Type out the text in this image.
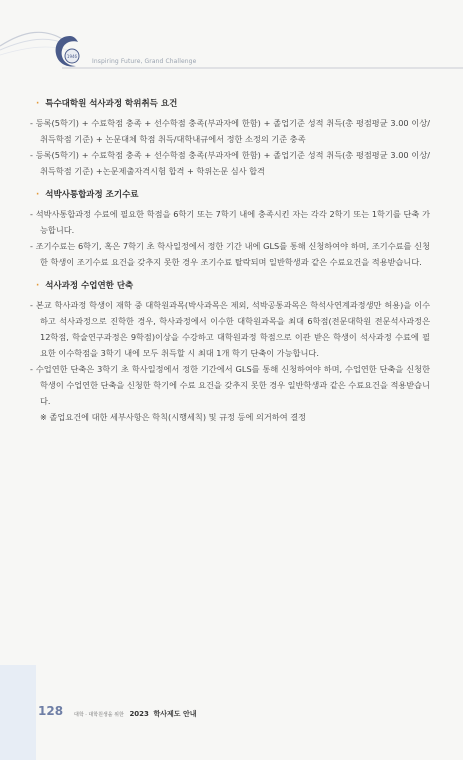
1946
Inspiring Future, Grand Challenge
· 특수대학원 석사과정 학위취득 요건

- 등록(5학기) + 수료학점 충족 + 선수학점 충족(부과자에 한함) + 졸업기준 성적 취득(총 평점평균 3.00 이상/취득학점 기준) + 논문대체 학점 취득/대학내규에서 정한 소정의 기준 충족

- 등록(5학기) + 수료학점 충족 + 선수학점 충족(부과자에 한함) + 졸업기준 성적 취득(총 평점평균 3.00 이상/취득학점 기준) +논문제출자격시험 합격 + 학위논문 심사 합격

· 석박사통합과정 조기수료

- 석박사통합과정 수료에 필요한 학점을 6학기 또는 7학기 내에 충족시킨 자는 각각 2학기 또는 1학기를 단축 가능합니다.

- 조기수료는 6학기, 혹은 7학기 초 학사일정에서 정한 기간 내에 GLS를 통해 신청하여야 하며, 조기수료를 신청한 학생이 조기수료 요건을 갖추지 못한 경우 조기수료 탈락되며 일반학생과 같은 수료요건을 적용받습니다.

· 석사과정 수업연한 단축

- 본교 학사과정 학생이 재학 중 대학원과목(박사과목은 제외, 석박공통과목은 학석사연계과정생만 허용)을 이수하고 석사과정으로 진학한 경우, 학사과정에서 이수한 대학원과목을 최대 6학점(전문대학원 전문석사과정은 12학점, 학술연구과정은 9학점)이상을 수강하고 대학원과정 학점으로 이관 받은 학생이 석사과정 수료에 필요한 이수학점을 3학기 내에 모두 취득할 시 최대 1개 학기 단축이 가능합니다.

- 수업연한 단축은 3학기 초 학사일정에서 정한 기간에서 GLS를 통해 신청하여야 하며, 수업연한 단축을 신청한 학생이 수업연한 단축을 신청한 학기에 수료 요건을 갖추지 못한 경우 일반학생과 같은 수료요건을 적용받습니다.

※ 졸업요건에 대한 세부사항은 학칙(시행세칙) 및 규정 등에 의거하여 결정

128 대학 · 대학원생을 위한 2023 학사제도 안내
